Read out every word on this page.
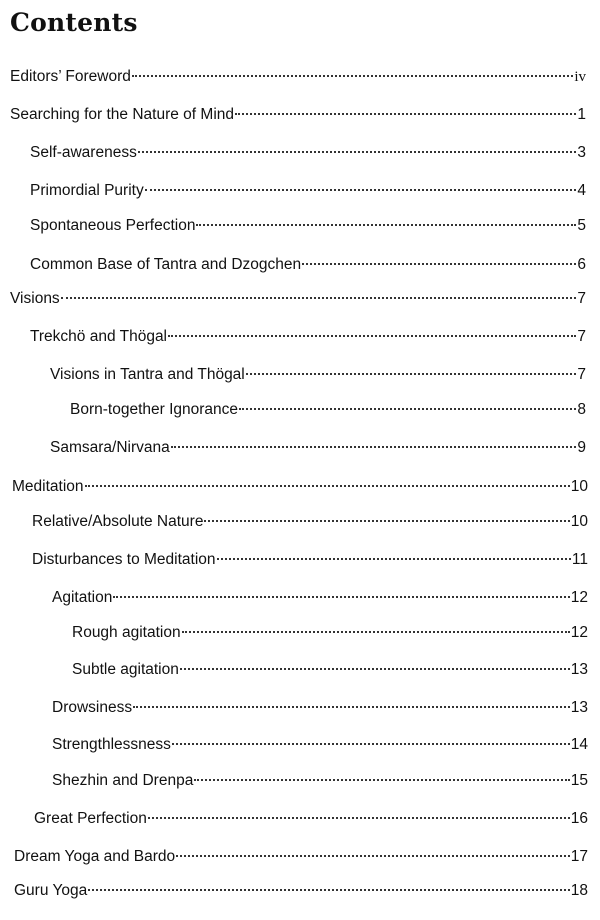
Contents
Editors’ Foreword	iv
Searching for the Nature of Mind	1
Self-awareness	3
Primordial Purity	4
Spontaneous Perfection	5
Common Base of Tantra and Dzogchen	6
Visions	7
Trekchö and Thögal	7
Visions in Tantra and Thögal	7
Born-together Ignorance	8
Samsara/Nirvana	9
Meditation	10
Relative/Absolute Nature	10
Disturbances to Meditation	11
Agitation	12
Rough agitation	12
Subtle agitation	13
Drowsiness	13
Strengthlessness	14
Shezhin and Drenpa	15
Great Perfection	16
Dream Yoga and Bardo	17
Guru Yoga	18
